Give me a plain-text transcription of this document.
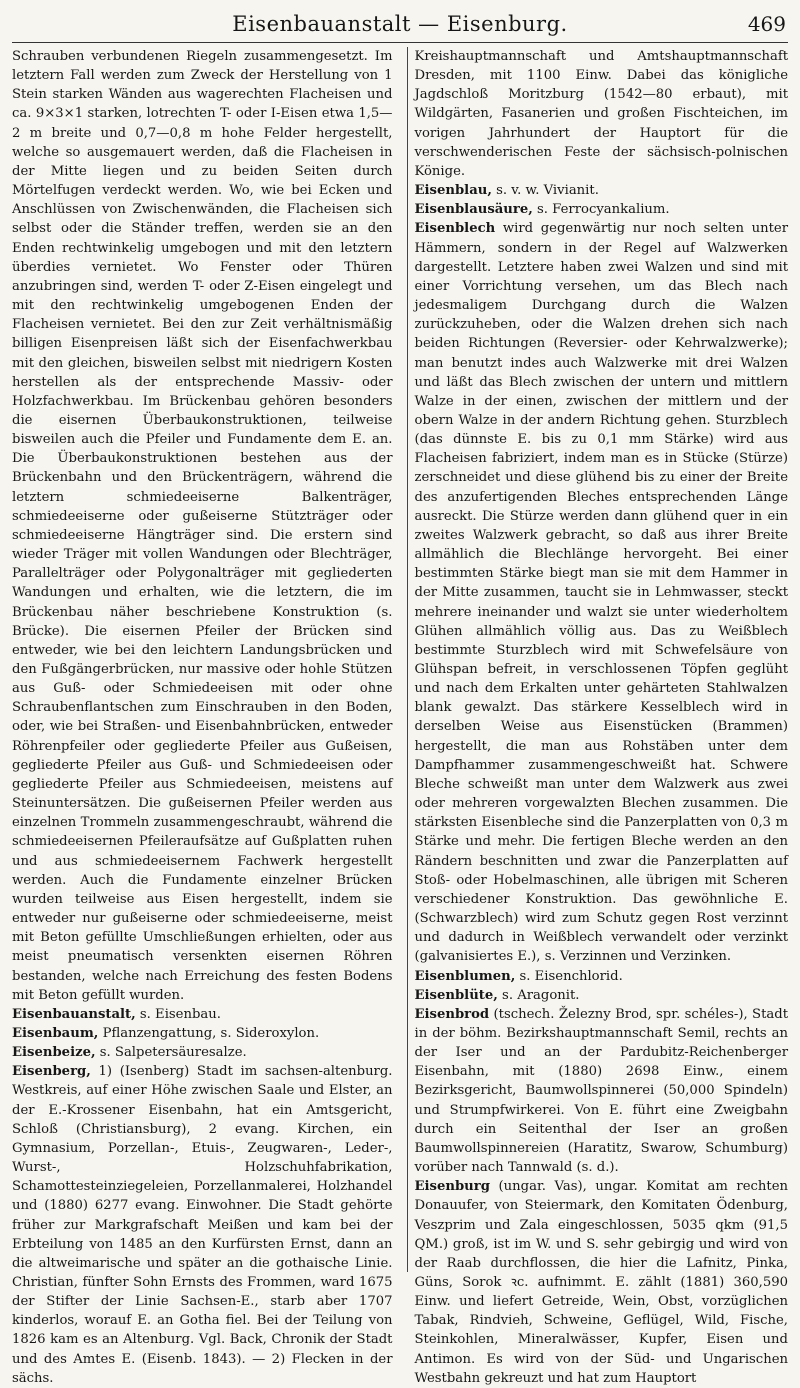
Eisenbauanstalt — Eisenburg.	469

Schrauben verbundenen Riegeln zusammengesetzt. Im letztern Fall werden zum Zweck der Herstellung von 1 Stein starken Wänden aus wagerechten Flacheisen und ca. 9×3×1 starken, lotrechten T- oder I-Eisen etwa 1,5—2 m breite und 0,7—0,8 m hohe Felder hergestellt, welche so ausgemauert werden, daß die Flacheisen in der Mitte liegen und zu beiden Seiten durch Mörtelfugen verdeckt werden. Wo, wie bei Ecken und Anschlüssen von Zwischenwänden, die Flacheisen sich selbst oder die Ständer treffen, werden sie an den Enden rechtwinkelig umgebogen und mit den letztern überdies vernietet. Wo Fenster oder Thüren anzubringen sind, werden T- oder Z-Eisen eingelegt und mit den rechtwinkelig umgebogenen Enden der Flacheisen vernietet. Bei den zur Zeit verhältnismäßig billigen Eisenpreisen läßt sich der Eisenfachwerkbau mit den gleichen, bisweilen selbst mit niedrigern Kosten herstellen als der entsprechende Massiv- oder Holzfachwerkbau. Im Brückenbau gehören besonders die eisernen Überbaukonstruktionen, teilweise bisweilen auch die Pfeiler und Fundamente dem E. an. Die Überbaukonstruktionen bestehen aus der Brückenbahn und den Brückenträgern, während die letztern schmiedeeiserne Balkenträger, schmiedeeiserne oder gußeiserne Stützträger oder schmiedeeiserne Hängträger sind. Die erstern sind wieder Träger mit vollen Wandungen oder Blechträger, Parallelträger oder Polygonalträger mit gegliederten Wandungen und erhalten, wie die letztern, die im Brückenbau näher beschriebene Konstruktion (s. Brücke). Die eisernen Pfeiler der Brücken sind entweder, wie bei den leichtern Landungsbrücken und den Fußgängerbrücken, nur massive oder hohle Stützen aus Guß- oder Schmiedeeisen mit oder ohne Schraubenflantschen zum Einschrauben in den Boden, oder, wie bei Straßen- und Eisenbahnbrücken, entweder Röhrenpfeiler oder gegliederte Pfeiler aus Gußeisen, gegliederte Pfeiler aus Guß- und Schmiedeeisen oder gegliederte Pfeiler aus Schmiedeeisen, meistens auf Steinuntersätzen. Die gußeisernen Pfeiler werden aus einzelnen Trommeln zusammengeschraubt, während die schmiedeeisernen Pfeileraufsätze auf Gußplatten ruhen und aus schmiedeeisernem Fachwerk hergestellt werden. Auch die Fundamente einzelner Brücken wurden teilweise aus Eisen hergestellt, indem sie entweder nur gußeiserne oder schmiedeeiserne, meist mit Beton gefüllte Umschließungen erhielten, oder aus meist pneumatisch versenkten eisernen Röhren bestanden, welche nach Erreichung des festen Bodens mit Beton gefüllt wurden.

Eisenbauanstalt, s. Eisenbau.

Eisenbaum, Pflanzengattung, s. Sideroxylon.

Eisenbeize, s. Salpetersäuresalze.

Eisenberg, 1) (Isenberg) Stadt im sachsen-altenburg. Westkreis, auf einer Höhe zwischen Saale und Elster, an der E.-Krossener Eisenbahn, hat ein Amtsgericht, Schloß (Christiansburg), 2 evang. Kirchen, ein Gymnasium, Porzellan-, Etuis-, Zeugwaren-, Leder-, Wurst-, Holzschuhfabrikation, Schamottesteinziegeleien, Porzellanmalerei, Holzhandel und (1880) 6277 evang. Einwohner. Die Stadt gehörte früher zur Markgrafschaft Meißen und kam bei der Erbteilung von 1485 an den Kurfürsten Ernst, dann an die altweimarische und später an die gothaische Linie. Christian, fünfter Sohn Ernsts des Frommen, ward 1675 der Stifter der Linie Sachsen-E., starb aber 1707 kinderlos, worauf E. an Gotha fiel. Bei der Teilung von 1826 kam es an Altenburg. Vgl. Back, Chronik der Stadt und des Amtes E. (Eisenb. 1843). — 2) Flecken in der sächs.

Kreishauptmannschaft und Amtshauptmannschaft Dresden, mit 1100 Einw. Dabei das königliche Jagdschloß Moritzburg (1542—80 erbaut), mit Wildgärten, Fasanerien und großen Fischteichen, im vorigen Jahrhundert der Hauptort für die verschwenderischen Feste der sächsisch-polnischen Könige.

Eisenblau, s. v. w. Vivianit.

Eisenblausäure, s. Ferrocyankalium.

Eisenblech wird gegenwärtig nur noch selten unter Hämmern, sondern in der Regel auf Walzwerken dargestellt. Letztere haben zwei Walzen und sind mit einer Vorrichtung versehen, um das Blech nach jedesmaligem Durchgang durch die Walzen zurückzuheben, oder die Walzen drehen sich nach beiden Richtungen (Reversier- oder Kehrwalzwerke); man benutzt indes auch Walzwerke mit drei Walzen und läßt das Blech zwischen der untern und mittlern Walze in der einen, zwischen der mittlern und der obern Walze in der andern Richtung gehen. Sturzblech (das dünnste E. bis zu 0,1 mm Stärke) wird aus Flacheisen fabriziert, indem man es in Stücke (Stürze) zerschneidet und diese glühend bis zu einer der Breite des anzufertigenden Bleches entsprechenden Länge ausreckt. Die Stürze werden dann glühend quer in ein zweites Walzwerk gebracht, so daß aus ihrer Breite allmählich die Blechlänge hervorgeht. Bei einer bestimmten Stärke biegt man sie mit dem Hammer in der Mitte zusammen, taucht sie in Lehmwasser, steckt mehrere ineinander und walzt sie unter wiederholtem Glühen allmählich völlig aus. Das zu Weißblech bestimmte Sturzblech wird mit Schwefelsäure von Glühspan befreit, in verschlossenen Töpfen geglüht und nach dem Erkalten unter gehärteten Stahlwalzen blank gewalzt. Das stärkere Kesselblech wird in derselben Weise aus Eisenstücken (Brammen) hergestellt, die man aus Rohstäben unter dem Dampfhammer zusammengeschweißt hat. Schwere Bleche schweißt man unter dem Walzwerk aus zwei oder mehreren vorgewalzten Blechen zusammen. Die stärksten Eisenbleche sind die Panzerplatten von 0,3 m Stärke und mehr. Die fertigen Bleche werden an den Rändern beschnitten und zwar die Panzerplatten auf Stoß- oder Hobelmaschinen, alle übrigen mit Scheren verschiedener Konstruktion. Das gewöhnliche E. (Schwarzblech) wird zum Schutz gegen Rost verzinnt und dadurch in Weißblech verwandelt oder verzinkt (galvanisiertes E.), s. Verzinnen und Verzinken.

Eisenblumen, s. Eisenchlorid.

Eisenblüte, s. Aragonit.

Eisenbrod (tschech. Železny Brod, spr. schéles-), Stadt in der böhm. Bezirkshauptmannschaft Semil, rechts an der Iser und an der Pardubitz-Reichenberger Eisenbahn, mit (1880) 2698 Einw., einem Bezirksgericht, Baumwollspinnerei (50,000 Spindeln) und Strumpfwirkerei. Von E. führt eine Zweigbahn durch ein Seitenthal der Iser an großen Baumwollspinnereien (Haratitz, Swarow, Schumburg) vorüber nach Tannwald (s. d.).

Eisenburg (ungar. Vas), ungar. Komitat am rechten Donauufer, von Steiermark, den Komitaten Ödenburg, Veszprim und Zala eingeschlossen, 5035 qkm (91,5 QM.) groß, ist im W. und S. sehr gebirgig und wird von der Raab durchflossen, die hier die Lafnitz, Pinka, Güns, Sorok ꝛc. aufnimmt. E. zählt (1881) 360,590 Einw. und liefert Getreide, Wein, Obst, vorzüglichen Tabak, Rindvieh, Schweine, Geflügel, Wild, Fische, Steinkohlen, Mineralwässer, Kupfer, Eisen und Antimon. Es wird von der Süd- und Ungarischen Westbahn gekreuzt und hat zum Hauptort
